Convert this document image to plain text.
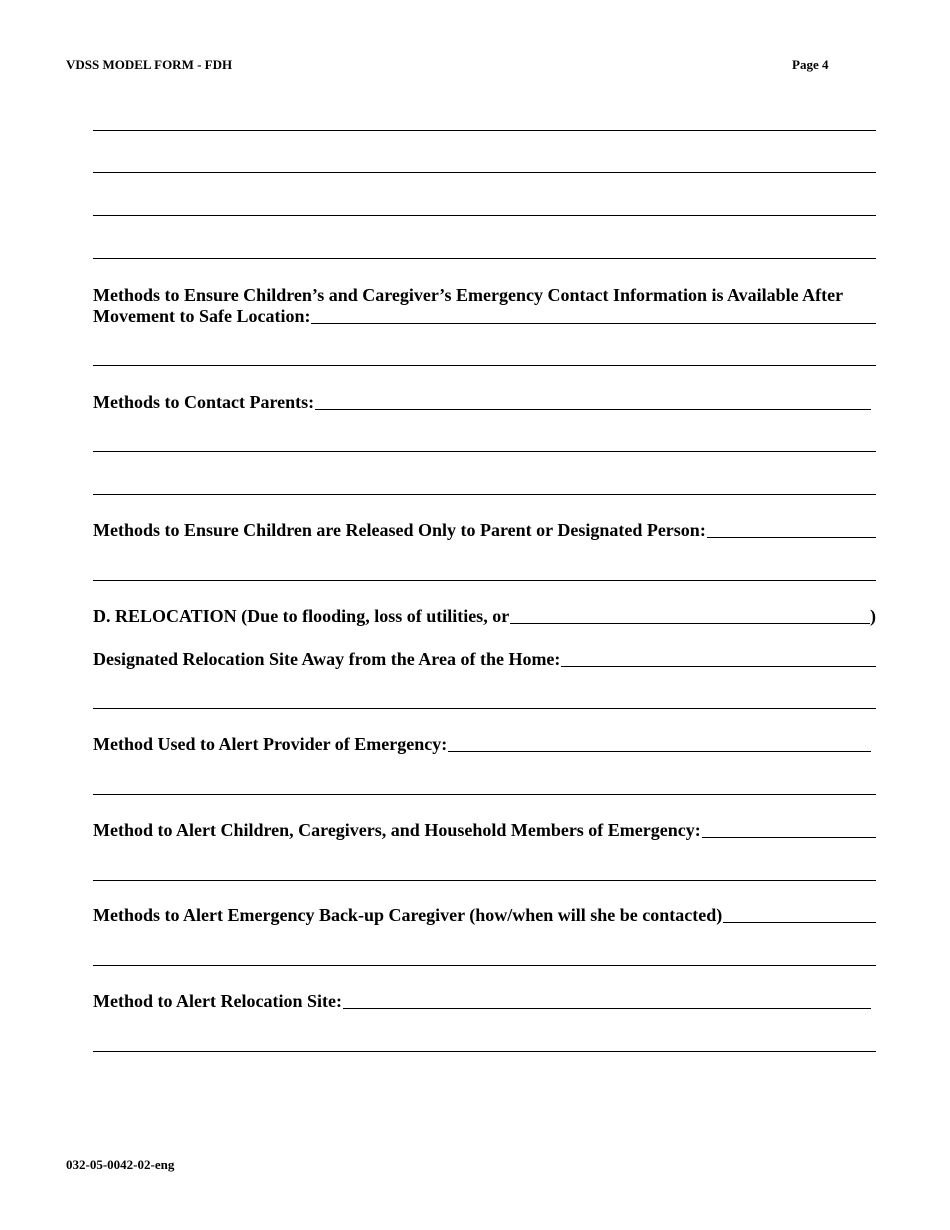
VDSS MODEL FORM - FDH	Page 4
Methods to Ensure Children’s and Caregiver’s Emergency Contact Information is Available After
Movement to Safe Location:
Methods to Contact Parents:
Methods to Ensure Children are Released Only to Parent or Designated Person:
D. RELOCATION (Due to flooding, loss of utilities, or	)
Designated Relocation Site Away from the Area of the Home:
Method Used to Alert Provider of Emergency:
Method to Alert Children, Caregivers, and Household Members of Emergency:
Methods to Alert Emergency Back-up Caregiver (how/when will she be contacted)
Method to Alert Relocation Site:
032-05-0042-02-eng
